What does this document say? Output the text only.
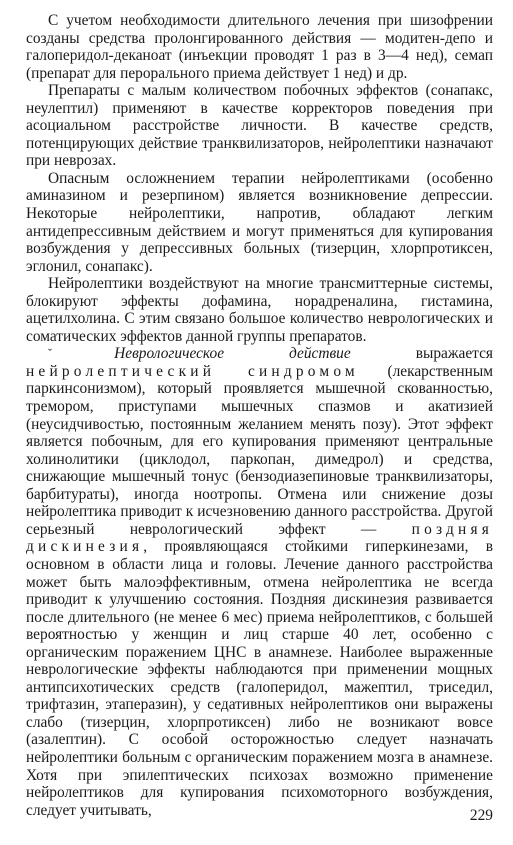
С учетом необходимости длительного лечения при шизофрении созданы средства пролонгированного действия — модитен-депо и галоперидол-деканоат (инъекции проводят 1 раз в 3—4 нед), семап (препарат для перорального приема действует 1 нед) и др.

Препараты с малым количеством побочных эффектов (сонапакс, неулептил) применяют в качестве корректоров поведения при асоциальном расстройстве личности. В качестве средств, потенцирующих действие транквилизаторов, нейролептики назначают при неврозах.

Опасным осложнением терапии нейролептиками (особенно аминазином и резерпином) является возникновение депрессии. Некоторые нейролептики, напротив, обладают легким антидепрессивным действием и могут применяться для купирования возбуждения у депрессивных больных (тизерцин, хлорпротиксен, эглонил, сонапакс).

Нейролептики воздействуют на многие трансмиттерные системы, блокируют эффекты дофамина, норадреналина, гистамина, ацетилхолина. С этим связано большое количество неврологических и соматических эффектов данной группы препаратов.

ˇНеврологическое действие выражается нейролептический синдромом (лекарственным паркинсонизмом), который проявляется мышечной скованностью, тремором, приступами мышечных спазмов и акатизией (неусидчивостью, постоянным желанием менять позу). Этот эффект является побочным, для его купирования применяют центральные холинолитики (циклодол, паркопан, димедрол) и средства, снижающие мышечный тонус (бензодиазепиновые транквилизаторы, барбитураты), иногда ноотропы. Отмена или снижение дозы нейролептика приводит к исчезновению данного расстройства. Другой серьезный неврологический эффект — поздняя дискинезия, проявляющаяся стойкими гиперкинезами, в основном в области лица и головы. Лечение данного расстройства может быть малоэффективным, отмена нейролептика не всегда приводит к улучшению состояния. Поздняя дискинезия развивается после длительного (не менее 6 мес) приема нейролептиков, с большей вероятностью у женщин и лиц старше 40 лет, особенно с органическим поражением ЦНС в анамнезе. Наиболее выраженные неврологические эффекты наблюдаются при применении мощных антипсихотических средств (галоперидол, мажептил, триседил, трифтазин, этаперазин), у седативных нейролептиков они выражены слабо (тизерцин, хлорпротиксен) либо не возникают вовсе (азалептин). С особой осторожностью следует назначать нейролептики больным с органическим поражением мозга в анамнезе. Хотя при эпилептических психозах возможно применение нейролептиков для купирования психомоторного возбуждения, следует учитывать,	229
